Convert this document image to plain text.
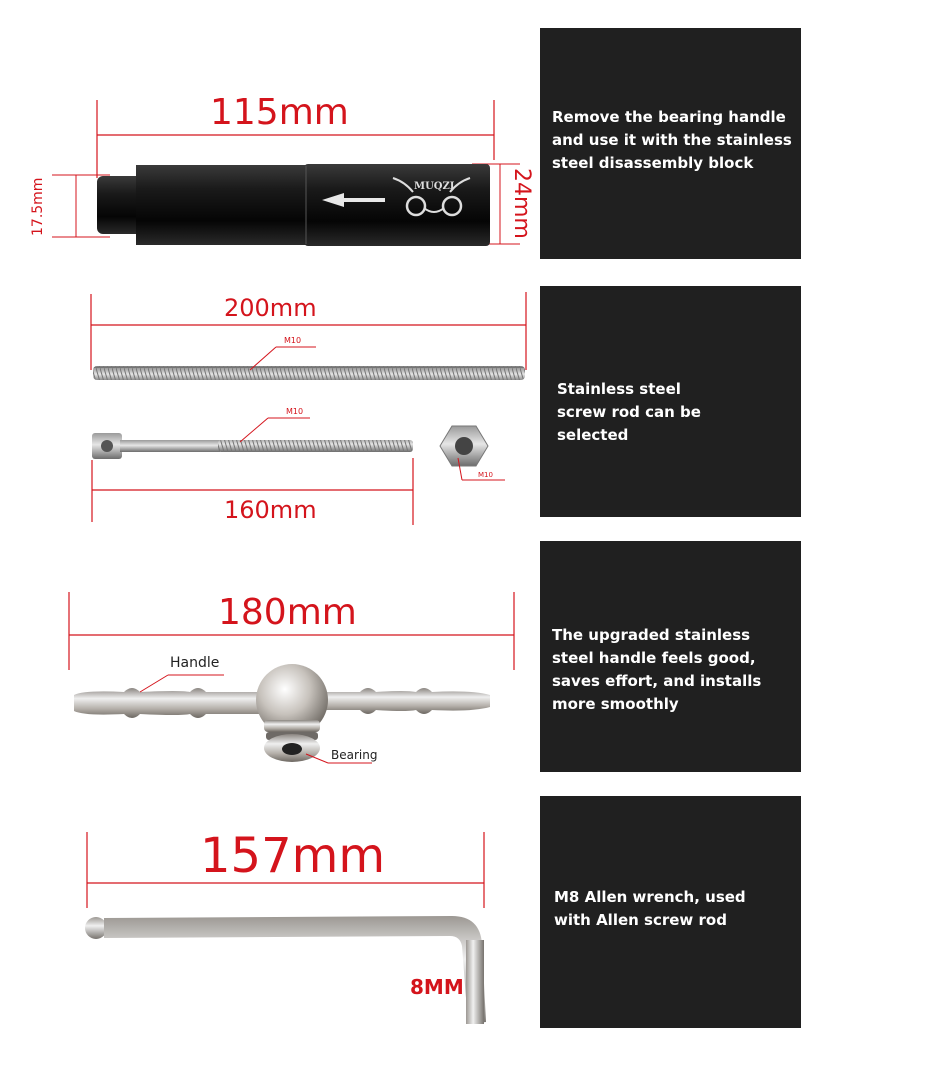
115mm
17.5mm	24mm
MUQZI
Remove the bearing handle and use it with the stainless steel disassembly block
200mm
M10
M10
M10
160mm
Stainless steel screw rod can be selected
180mm
Handle
Bearing
The upgraded stainless steel handle feels good, saves effort, and installs more smoothly
157mm
8MM
M8 Allen wrench, used with Allen screw rod
